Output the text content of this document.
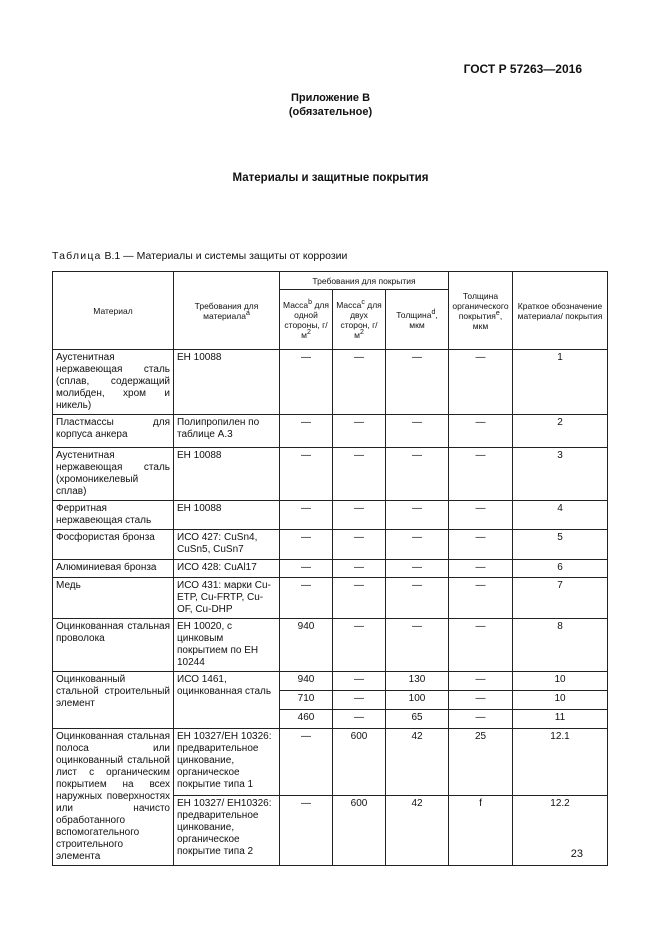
ГОСТ Р 57263—2016
Приложение В
(обязательное)
Материалы и защитные покрытия
Таблица В.1 — Материалы и системы защиты от коррозии
Материал	Требования для материала$^a$	Требования для покрытия			Толщина органического покрытия$^e$, мкм	Краткое обозначение материала/ покрытия
		Масса$^b$ для одной стороны, $г/м^2$	Масса$^c$ для двух сторон, $г/м^2$	Толщина$^d$, мкм		
Аустенитная нержавеющая сталь (сплав, содержащий молибден, хром и никель)	ЕН 10088	—	—	—	—	1
Пластмассы для корпуса анкера	Полипропилен по таблице А.3	—	—	—	—	2
Аустенитная нержавеющая сталь (хромоникелевый сплав)	ЕН 10088	—	—	—	—	3
Ферритная нержавеющая сталь	ЕН 10088	—	—	—	—	4
Фосфористая бронза	ИСО 427: CuSn4, CuSn5, CuSn7	—	—	—	—	5
Алюминиевая бронза	ИСО 428: CuAl17	—	—	—	—	6
Медь	ИСО 431: марки Cu-ETP, Cu-FRTP, Cu-OF, Cu-DHP	—	—	—	—	7
Оцинкованная стальная проволока	ЕН 10020, с цинковым покрытием по ЕН 10244	940	—	—	—	8
Оцинкованный стальной строительный элемент	ИСО 1461, оцинкованная сталь	940	—	130	—	10
		710	—	100	—	10
		460	—	65	—	11
Оцинкованная стальная полоса или оцинкованный стальной лист с органическим покрытием на всех наружных поверхностях или начисто обработанного вспомогательного строительного элемента	ЕН 10327/ЕН 10326: предварительное цинкование, органическое покрытие типа 1	—	600	42	25	12.1
	ЕН 10327/ ЕН10326: предварительное цинкование, органическое покрытие типа 2	—	600	42	f	12.2
23
